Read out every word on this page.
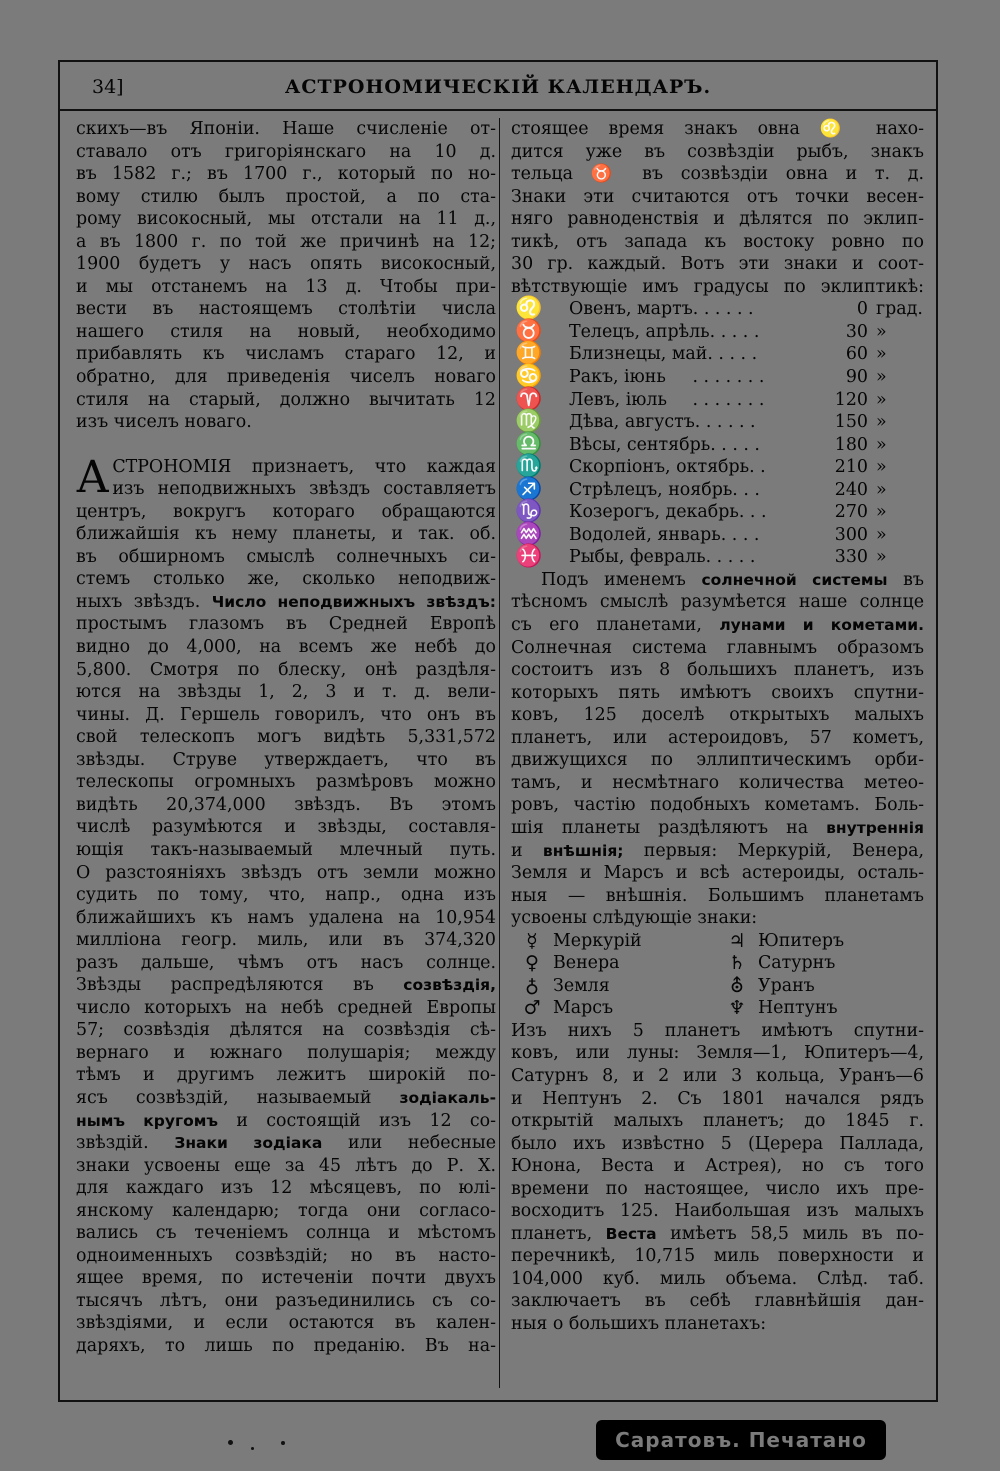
34]	АСТРОНОМИЧЕСКІЙ КАЛЕНДАРЪ.
скихъ—въ Японіи. Наше счисленіе от-
ставало отъ григоріянскаго на 10 д.
въ 1582 г.; въ 1700 г., который по но-
вому стилю былъ простой, а по ста-
рому високосный, мы отстали на 11 д.,
а въ 1800 г. по той же причинѣ на 12;
1900 будетъ у насъ опять високосный,
и мы отстанемъ на 13 д. Чтобы при-
вести въ настоящемъ столѣтіи числа
нашего стиля на новый, необходимо
прибавлять къ числамъ стараго 12, и
обратно, для приведенія чиселъ новаго
стиля на старый, должно вычитать 12
изъ чиселъ новаго.
А СТРОНОМІЯ признаетъ, что каждая
изъ неподвижныхъ звѣздъ составляетъ
центръ, вокругъ котораго обращаются
ближайшія къ нему планеты, и так. об.
въ обширномъ смыслѣ солнечныхъ си-
стемъ столько же, сколько неподвиж-
ныхъ звѣздъ. Число неподвижныхъ звѣздъ:
простымъ глазомъ въ Средней Европѣ
видно до 4,000, на всемъ же небѣ до
5,800. Смотря по блеску, онѣ раздѣля-
ются на звѣзды 1, 2, 3 и т. д. вели-
чины. Д. Гершель говорилъ, что онъ въ
свой телескопъ могъ видѣть 5,331,572
звѣзды. Струве утверждаетъ, что въ
телескопы огромныхъ размѣровъ можно
видѣть 20,374,000 звѣздъ. Въ этомъ
числѣ разумѣются и звѣзды, составля-
ющія такъ-называемый млечный путь.
О разстояніяхъ звѣздъ отъ земли можно
судить по тому, что, напр., одна изъ
ближайшихъ къ намъ удалена на 10,954
милліона геогр. миль, или въ 374,320
разъ дальше, чѣмъ отъ насъ солнце.
Звѣзды распредѣляются въ созвѣздія,
число которыхъ на небѣ средней Европы
57; созвѣздія дѣлятся на созвѣздія сѣ-
вернаго и южнаго полушарія; между
тѣмъ и другимъ лежитъ широкій по-
ясъ созвѣздій, называемый зодіакаль-
нымъ кругомъ и состоящій изъ 12 со-
звѣздій. Знаки зодіака или небесные
знаки усвоены еще за 45 лѣтъ до Р. Х.
для каждаго изъ 12 мѣсяцевъ, по юлі-
янскому календарю; тогда они согласо-
вались съ теченіемъ солнца и мѣстомъ
одноименныхъ созвѣздій; но въ насто-
ящее время, по истеченіи почти двухъ
тысячъ лѣтъ, они разъединились съ со-
звѣздіями, и если остаются въ кален-
даряхъ, то лишь по преданію. Въ на-
стоящее время знакъ овна ♌ нахо-
дится уже въ созвѣздіи рыбъ, знакъ
тельца ♉ въ созвѣздіи овна и т. д.
Знаки эти считаются отъ точки весен-
няго равноденствія и дѣлятся по эклип-
тикѣ, отъ запада къ востоку ровно по
30 гр. каждый. Вотъ эти знаки и соот-
вѣтствующіе имъ градусы по эклиптикѣ:
♌	Овенъ, мартъ . . . . . .	0 град.
♉	Телецъ, апрѣль . . . . .	30 »
♊	Близнецы, май . . . . .	60 »
♋	Ракъ, іюнь	. . . . . . .	90 »
♈	Левъ, іюль	. . . . . . .	120 »
♍	Дѣва, августъ . . . . . .	150 »
♎	Вѣсы, сентябрь . . . . .	180 »
♏	Скорпіонъ, октябрь . .	210 »
♐	Стрѣлецъ, ноябрь . . .	240 »
♑	Козерогъ, декабрь . . .	270 »
♒	Водолей, январь . . . .	300 »
♓	Рыбы, февраль . . . . .	330 »
Подъ именемъ солнечной системы въ
тѣсномъ смыслѣ разумѣется наше солнце
съ его планетами, лунами и кометами.
Солнечная система главнымъ образомъ
состоитъ изъ 8 большихъ планетъ, изъ
которыхъ пять имѣютъ своихъ спутни-
ковъ, 125 доселѣ открытыхъ малыхъ
планетъ, или астероидовъ, 57 кометъ,
движущихся по эллиптическимъ орби-
тамъ, и несмѣтнаго количества метео-
ровъ, частію подобныхъ кометамъ. Боль-
шія планеты раздѣляютъ на внутреннія
и внѣшнія; первыя: Меркурій, Венера,
Земля и Марсъ и всѣ астероиды, осталь-
ныя — внѣшнія. Большимъ планетамъ
усвоены слѣдующіе знаки:
☿ Меркурій	♃ Юпитеръ
♀ Венера	♄ Сатурнъ
♁ Земля	⛢ Уранъ
♂ Марсъ	♆ Нептунъ
Изъ нихъ 5 планетъ имѣютъ спутни-
ковъ, или луны: Земля—1, Юпитеръ—4,
Сатурнъ 8, и 2 или 3 кольца, Уранъ—6
и Нептунъ 2. Съ 1801 начался рядъ
открытій малыхъ планетъ; до 1845 г.
было ихъ извѣстно 5 (Церера Паллада,
Юнона, Веста и Астрея), но съ того
времени по настоящее, число ихъ пре-
восходитъ 125. Наибольшая изъ малыхъ
планетъ, Веста имѣетъ 58,5 миль въ по-
перечникѣ, 10,715 миль поверхности и
104,000 куб. миль объема. Слѣд. таб.
заключаетъ въ себѣ главнѣйшія дан-
ныя о большихъ планетахъ:
Саратовъ. Печатано
